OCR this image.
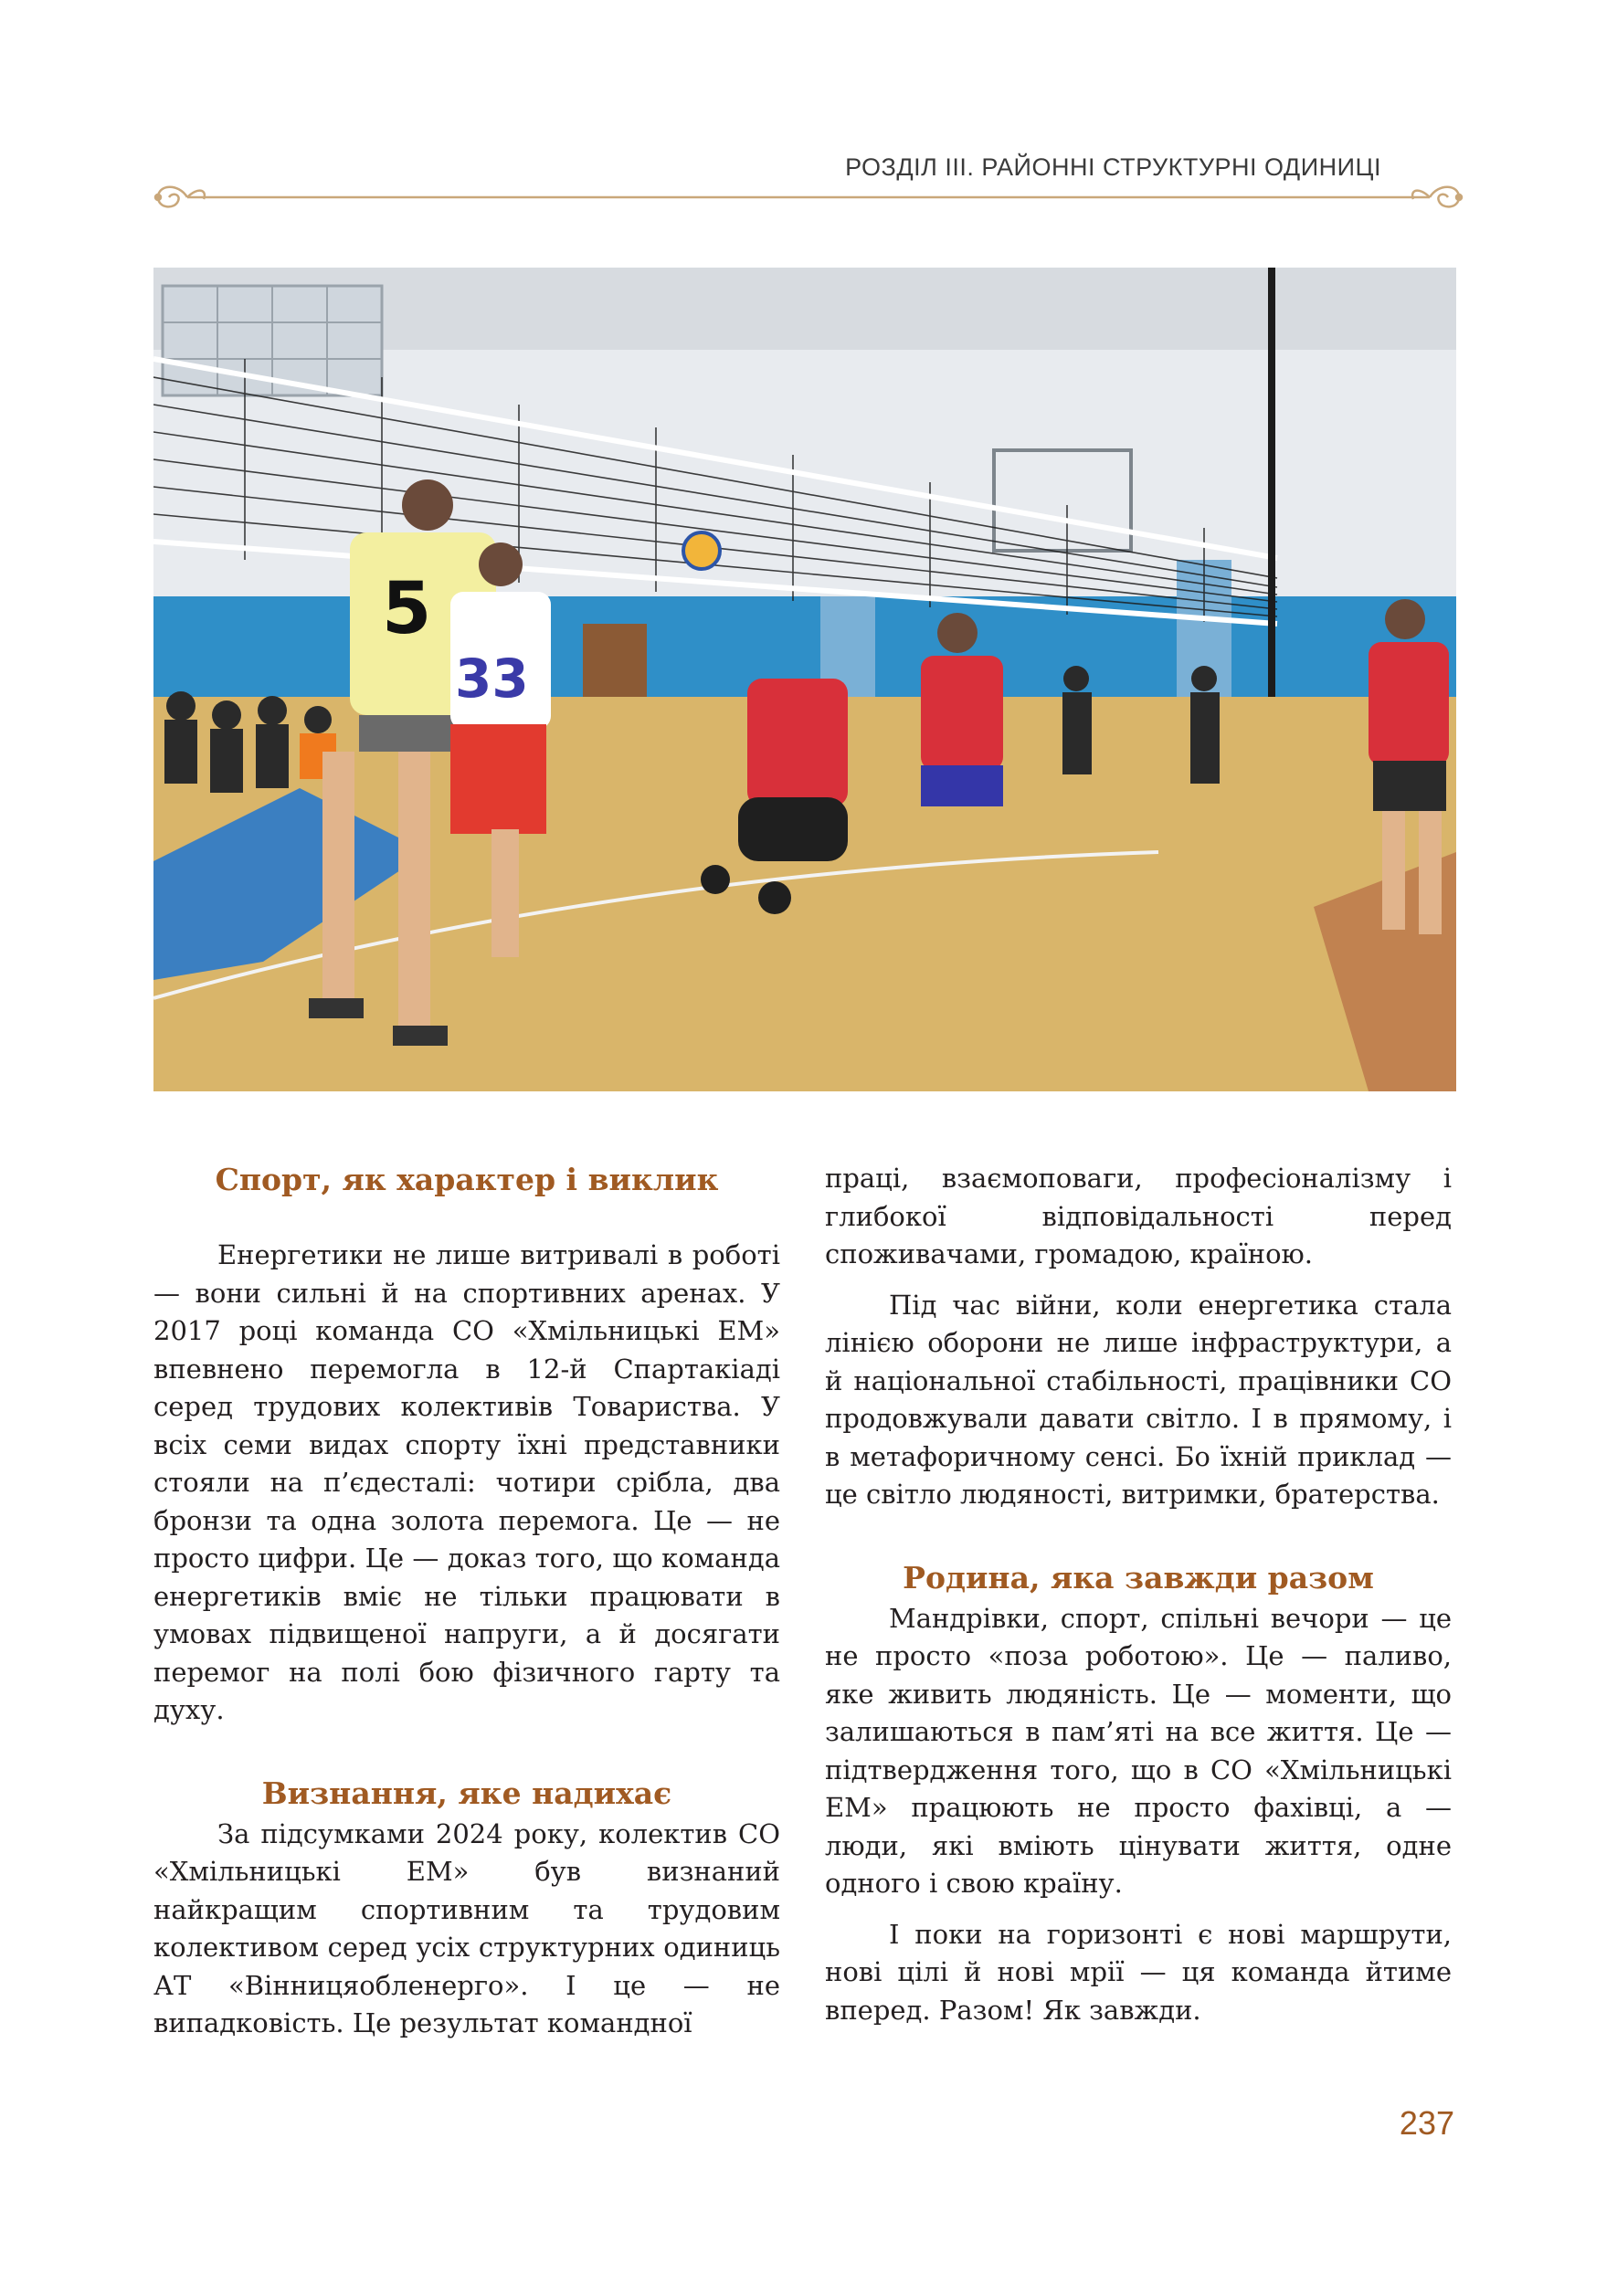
РОЗДІЛ III. РАЙОННІ СТРУКТУРНІ ОДИНИЦІ
5
33
Спорт, як характер і виклик

Енергетики не лише витривалі в роботі — вони сильні й на спортивних аренах. У 2017 році команда СО «Хмільницькі ЕМ» впевнено перемогла в 12-й Спартакіаді серед трудових колективів Товариства. У всіх семи видах спорту їхні представники стояли на п’єдесталі: чотири срібла, два бронзи та одна золота перемога. Це — не просто цифри. Це — доказ того, що команда енергетиків вміє не тільки працювати в умовах підвищеної напруги, а й досягати перемог на полі бою фізичного гарту та духу.

Визнання, яке надихає

За підсумками 2024 року, колектив СО «Хмільницькі ЕМ» був визнаний найкращим спортивним та трудовим колективом серед усіх структурних одиниць АТ «Вінницяобленерго». І це — не випадковість. Це результат командної

праці, взаємоповаги, професіоналізму і глибокої відповідальності перед споживачами, громадою, країною.

Під час війни, коли енергетика стала лінією оборони не лише інфраструктури, а й національної стабільності, працівники СО продовжували давати світло. І в прямому, і в метафоричному сенсі. Бо їхній приклад — це світло людяності, витримки, братерства.

Родина, яка завжди разом

Мандрівки, спорт, спільні вечори — це не просто «поза роботою». Це — паливо, яке живить людяність. Це — моменти, що залишаються в пам’яті на все життя. Це — підтвердження того, що в СО «Хмільницькі ЕМ» працюють не просто фахівці, а — люди, які вміють цінувати життя, одне одного і свою країну.

І поки на горизонті є нові маршрути, нові цілі й нові мрії — ця команда йтиме вперед. Разом! Як завжди.

237
